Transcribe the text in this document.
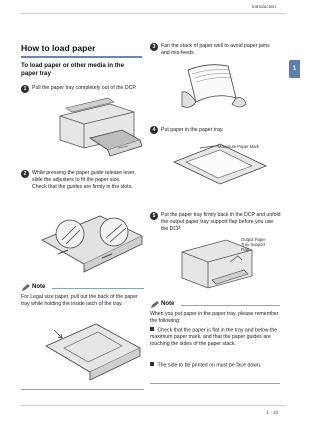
Introduction
1
How to load paper
To load paper or other media in the paper tray
1	Pull the paper tray completely out of the DCP.
2	While pressing the paper guide release lever, slide the adjusters to fit the paper size.
Check that the guides are firmly in the slots.
Note
For Legal size paper, pull out the back of the paper tray while holding the inside latch of the tray.
3	Fan the stack of paper well to avoid paper jams and mis-feeds.
4	Put paper in the paper tray.
Maximum Paper Mark
5	Put the paper tray firmly back in the DCP and unfold the output paper tray support flap before you use the DCP.
Output Paper
Tray Support
Flap
Note
When you put paper in the paper tray, please remember the following:
Check that the paper is flat in the tray and below the maximum paper mark, and that the paper guides are touching the sides of the paper stack.
The side to be printed on must be face down.
1 - 10
